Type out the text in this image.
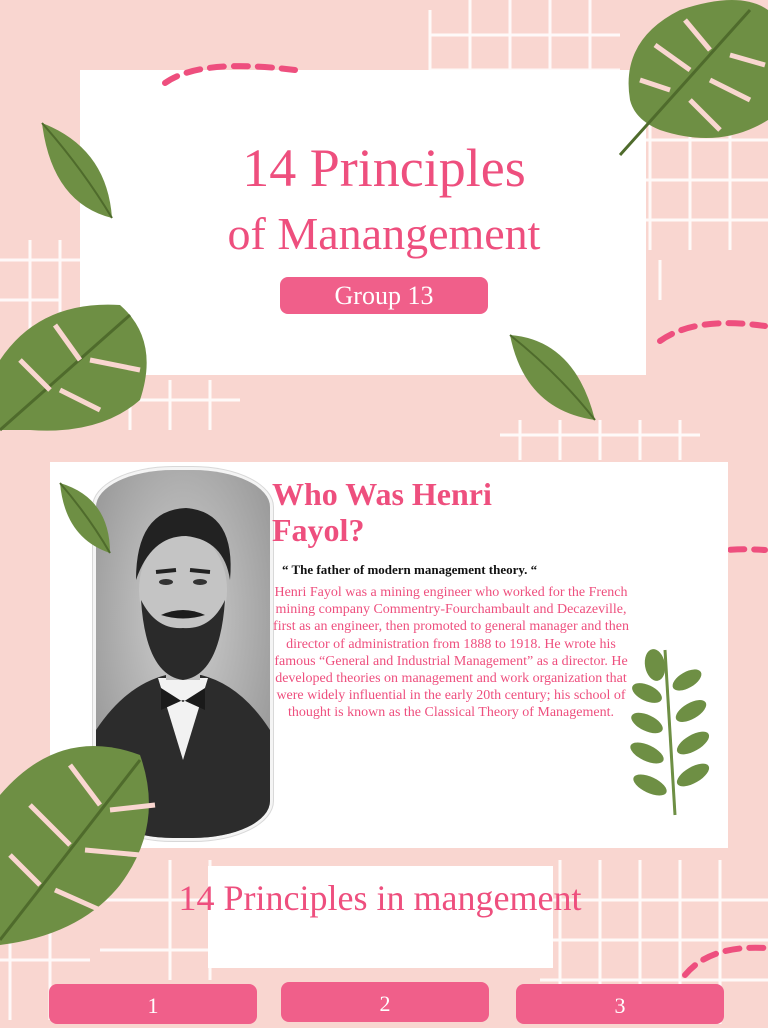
14 Principles
of Manangement
Group 13
Who Was Henri
Fayol?
“ The father of modern management theory. “
Henri Fayol was a mining engineer who worked for the French mining company Commentry-Fourchambault and Decazeville, first as an engineer, then promoted to general manager and then director of administration from 1888 to 1918. He wrote his famous “General and Industrial Management” as a director. He developed theories on management and work organization that were widely influential in the early 20th century; his school of thought is known as the Classical Theory of Management.
14 Principles in mangement
1	2	3
